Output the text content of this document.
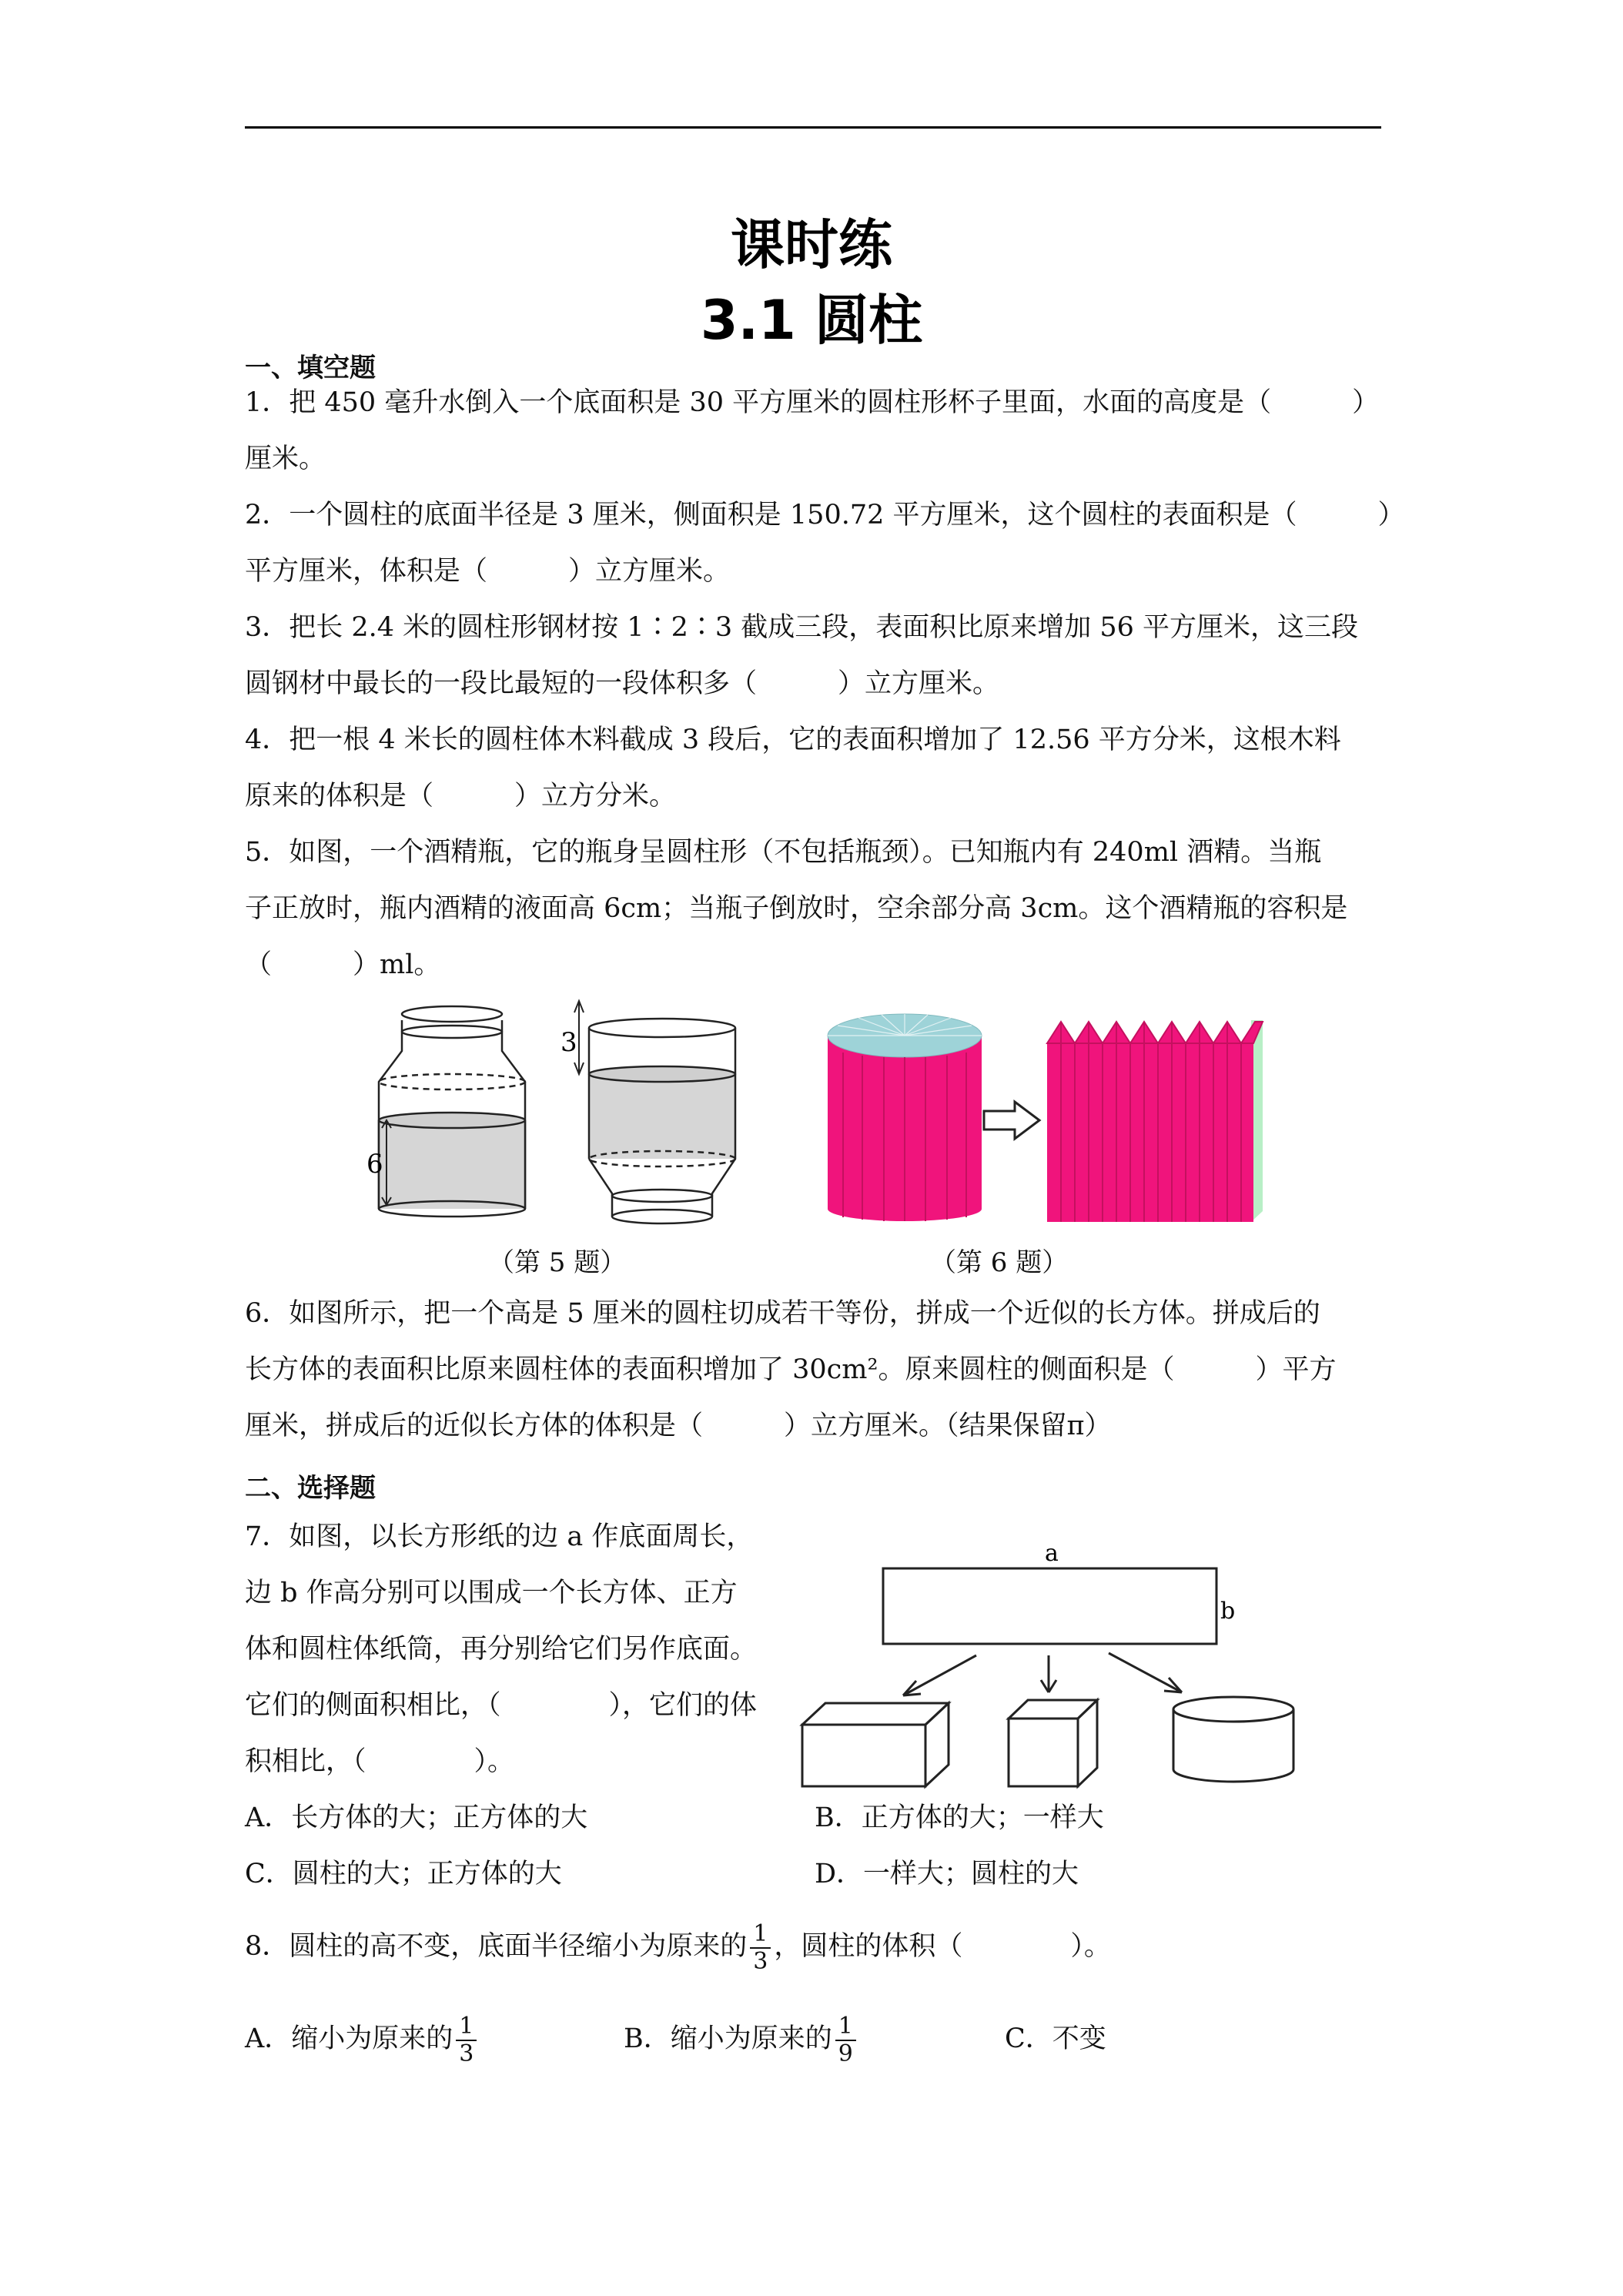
课时练
3.1 圆柱
一、填空题
1．把 450 毫升水倒入一个底面积是 30 平方厘米的圆柱形杯子里面，水面的高度是（　　　）
厘米。
2．一个圆柱的底面半径是 3 厘米，侧面积是 150.72 平方厘米，这个圆柱的表面积是（　　　）
平方厘米，体积是（　　　）立方厘米。
3．把长 2.4 米的圆柱形钢材按 1∶2∶3 截成三段，表面积比原来增加 56 平方厘米，这三段
圆钢材中最长的一段比最短的一段体积多（　　　）立方厘米。
4．把一根 4 米长的圆柱体木料截成 3 段后，它的表面积增加了 12.56 平方分米，这根木料
原来的体积是（　　　）立方分米。
5．如图，一个酒精瓶，它的瓶身呈圆柱形（不包括瓶颈）。已知瓶内有 240ml 酒精。当瓶
子正放时，瓶内酒精的液面高 6cm；当瓶子倒放时，空余部分高 3cm。这个酒精瓶的容积是
（　　　）ml。
6
3
（第 5 题）	（第 6 题）
6．如图所示，把一个高是 5 厘米的圆柱切成若干等份，拼成一个近似的长方体。拼成后的
长方体的表面积比原来圆柱体的表面积增加了 30cm²。原来圆柱的侧面积是（　　　）平方
厘米，拼成后的近似长方体的体积是（　　　）立方厘米。（结果保留π）
二、选择题
7．如图，以长方形纸的边 a 作底面周长，
边 b 作高分别可以围成一个长方体、正方
体和圆柱体纸筒，再分别给它们另作底面。
它们的侧面积相比，（　　　　），它们的体
积相比，（　　　　）。
a
b
A．长方体的大；正方体的大	B．正方体的大；一样大
C．圆柱的大；正方体的大	D．一样大；圆柱的大
8．圆柱的高不变，底面半径缩小为原来的 $\frac{1}{3}$ ，圆柱的体积（　　　　）。
A．缩小为原来的 $\frac{1}{3}$	B．缩小为原来的 $\frac{1}{9}$	C．不变
